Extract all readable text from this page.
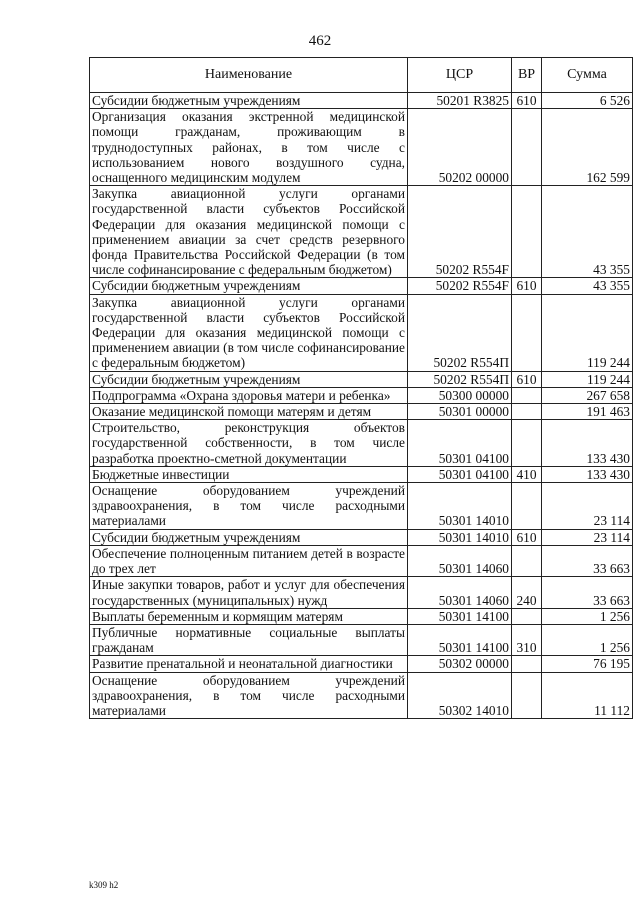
462
Наименование	ЦСР	ВР	Сумма
Субсидии бюджетным учреждениям	50201 R3825	610	6 526
Организация оказания экстренной медицинской помощи гражданам, проживающим в труднодоступных районах, в том числе с использованием нового воздушного судна, оснащенного медицинским модулем	50202 00000		162 599
Закупка авиационной услуги органами государственной власти субъектов Российской Федерации для оказания медицинской помощи с применением авиации за счет средств резервного фонда Правительства Российской Федерации (в том числе софинансирование с федеральным бюджетом)	50202 R554F		43 355
Субсидии бюджетным учреждениям	50202 R554F	610	43 355
Закупка авиационной услуги органами государственной власти субъектов Российской Федерации для оказания медицинской помощи с применением авиации (в том числе софинансирование с федеральным бюджетом)	50202 R554П		119 244
Субсидии бюджетным учреждениям	50202 R554П	610	119 244
Подпрограмма «Охрана здоровья матери и ребенка»	50300 00000		267 658
Оказание медицинской помощи матерям и детям	50301 00000		191 463
Строительство, реконструкция объектов государственной собственности, в том числе разработка проектно-сметной документации	50301 04100		133 430
Бюджетные инвестиции	50301 04100	410	133 430
Оснащение оборудованием учреждений здравоохранения, в том числе расходными материалами	50301 14010		23 114
Субсидии бюджетным учреждениям	50301 14010	610	23 114
Обеспечение полноценным питанием детей в возрасте до трех лет	50301 14060		33 663
Иные закупки товаров, работ и услуг для обеспечения государственных (муниципальных) нужд	50301 14060	240	33 663
Выплаты беременным и кормящим матерям	50301 14100		1 256
Публичные нормативные социальные выплаты гражданам	50301 14100	310	1 256
Развитие пренатальной и неонатальной диагностики	50302 00000		76 195
Оснащение оборудованием учреждений здравоохранения, в том числе расходными материалами	50302 14010		11 112
k309 h2
